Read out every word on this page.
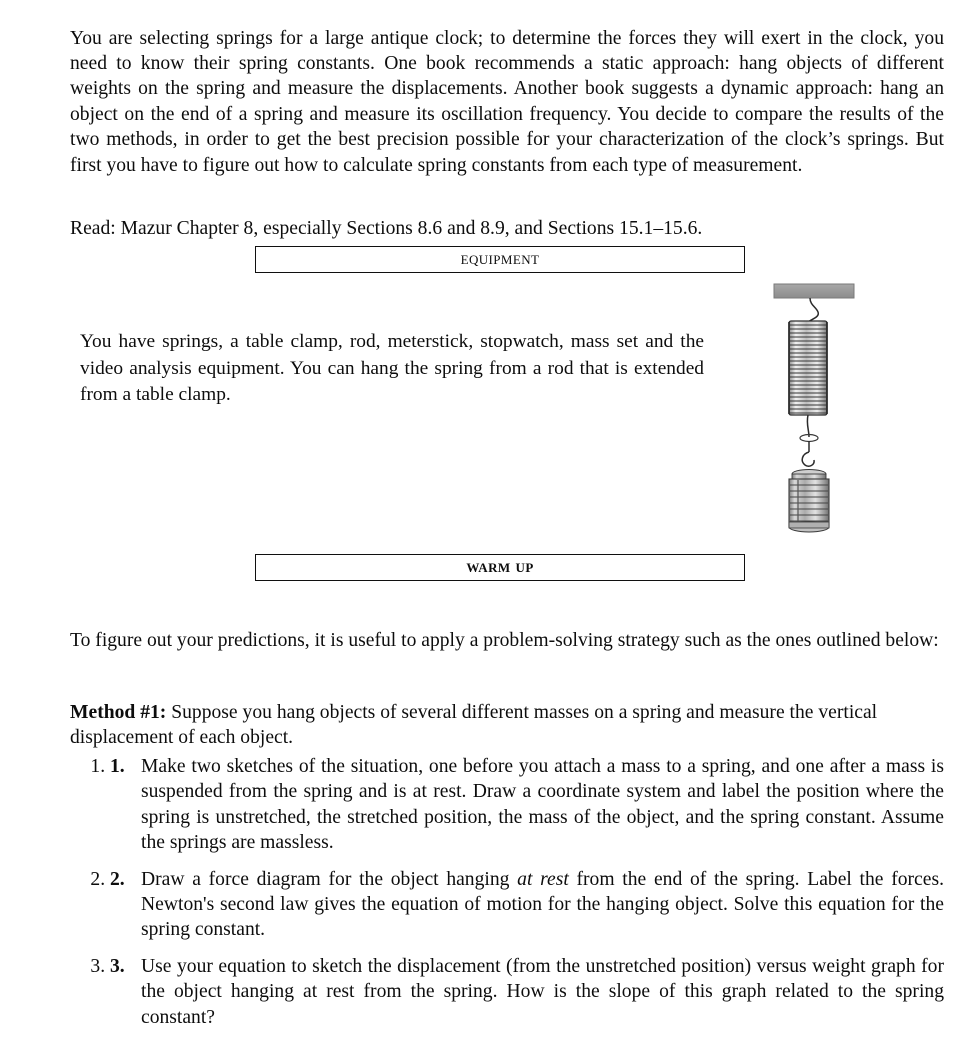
You are selecting springs for a large antique clock; to determine the forces they will exert in the clock, you need to know their spring constants. One book recommends a static approach: hang objects of different weights on the spring and measure the displacements. Another book suggests a dynamic approach: hang an object on the end of a spring and measure its oscillation frequency. You decide to compare the results of the two methods, in order to get the best precision possible for your characterization of the clock’s springs. But first you have to figure out how to calculate spring constants from each type of measurement.

Read: Mazur Chapter 8, especially Sections 8.6 and 8.9, and Sections 15.1–15.6.

equipment

You have springs, a table clamp, rod, meterstick, stopwatch, mass set and the video analysis equipment. You can hang the spring from a rod that is extended from a table clamp.

warm up

To figure out your predictions, it is useful to apply a problem-solving strategy such as the ones outlined below:

Method #1: Suppose you hang objects of several different masses on a spring and measure the vertical displacement of each object.

1. 1. Make two sketches of the situation, one before you attach a mass to a spring, and one after a mass is suspended from the spring and is at rest. Draw a coordinate system and label the position where the spring is unstretched, the stretched position, the mass of the object, and the spring constant. Assume the springs are massless.
2. 2. Draw a force diagram for the object hanging at rest from the end of the spring. Label the forces. Newton's second law gives the equation of motion for the hanging object. Solve this equation for the spring constant.
3. 3. Use your equation to sketch the displacement (from the unstretched position) versus weight graph for the object hanging at rest from the spring. How is the slope of this graph related to the spring constant?
